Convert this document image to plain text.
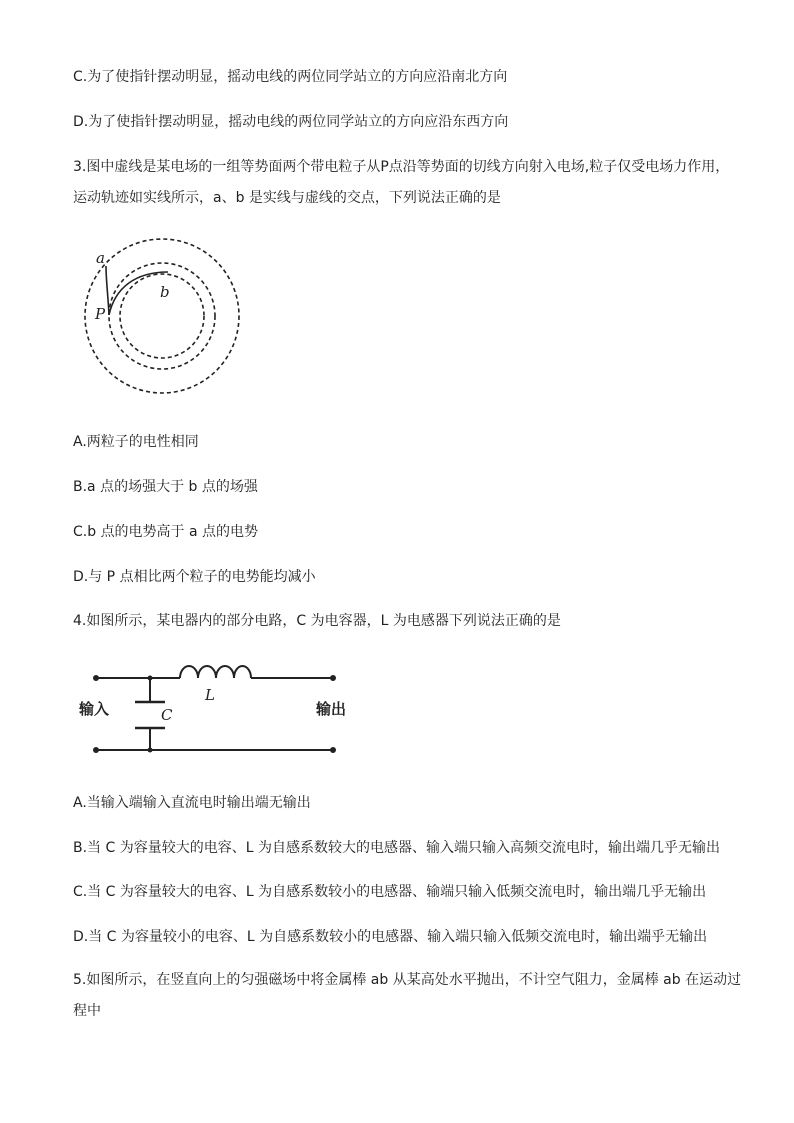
C.为了使指针摆动明显，摇动电线的两位同学站立的方向应沿南北方向
D.为了使指针摆动明显，摇动电线的两位同学站立的方向应沿东西方向
3.图中虚线是某电场的一组等势面两个带电粒子从P点沿等势面的切线方向射入电场,粒子仅受电场力作用，
运动轨迹如实线所示，a、b 是实线与虚线的交点，下列说法正确的是
a
b
P
A.两粒子的电性相同
B.a 点的场强大于 b 点的场强
C.b 点的电势高于 a 点的电势
D.与 P 点相比两个粒子的电势能均减小
4.如图所示，某电器内的部分电路，C 为电容器，L 为电感器下列说法正确的是
输入	输出
L
C
A.当输入端输入直流电时输出端无输出
B.当 C 为容量较大的电容、L 为自感系数较大的电感器、输入端只输入高频交流电时，输出端几乎无输出
C.当 C 为容量较大的电容、L 为自感系数较小的电感器、输端只输入低频交流电时，输出端几乎无输出
D.当 C 为容量较小的电容、L 为自感系数较小的电感器、输入端只输入低频交流电时，输出端乎无输出
5.如图所示，在竖直向上的匀强磁场中将金属棒 ab 从某高处水平抛出，不计空气阻力，金属棒 ab 在运动过
程中
